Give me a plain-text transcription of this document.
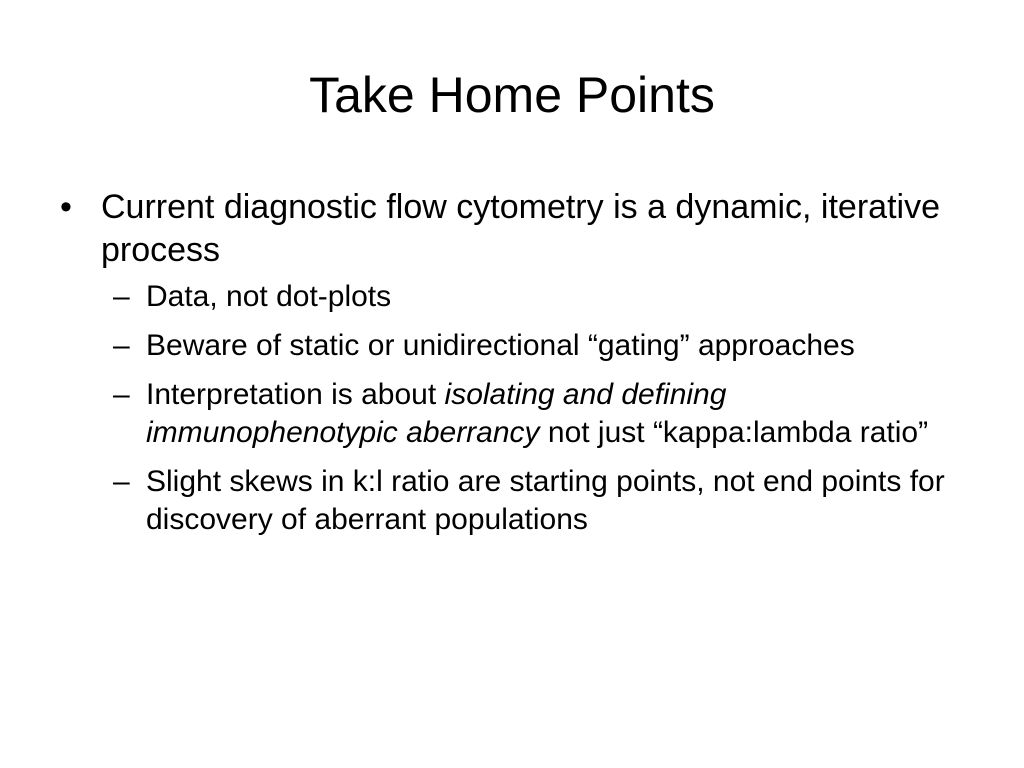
Take Home Points
• Current diagnostic flow cytometry is a dynamic, iterative process
– Data, not dot-plots
– Beware of static or unidirectional “gating” approaches
– Interpretation is about isolating and defining immunophenotypic aberrancy not just “kappa:lambda ratio”
– Slight skews in k:l ratio are starting points, not end points for discovery of aberrant populations
